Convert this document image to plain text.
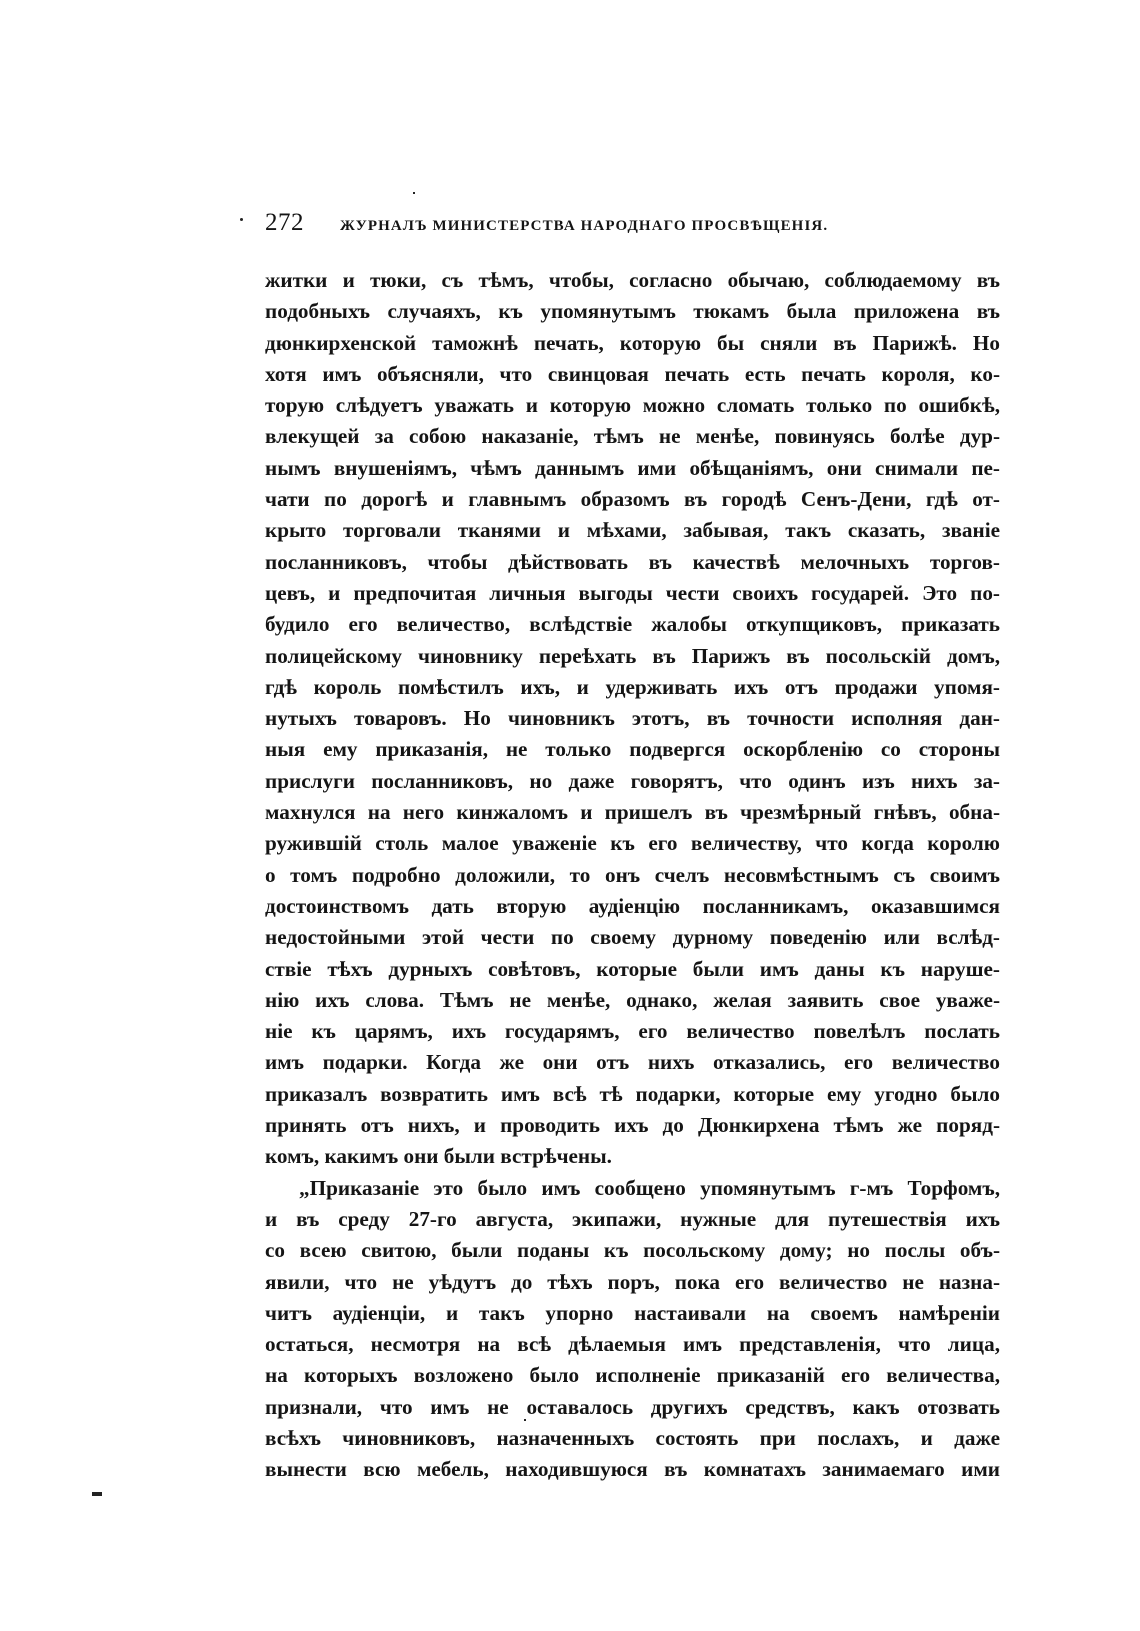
272 ЖУРНАЛЪ МИНИСТЕРСТВА НАРОДНАГО ПРОСВѢЩЕНІЯ.
житки и тюки, съ тѣмъ, чтобы, согласно обычаю, соблюдаемому въ
подобныхъ случаяхъ, къ упомянутымъ тюкамъ была приложена въ
дюнкирхенской таможнѣ печать, которую бы сняли въ Парижѣ. Но
хотя имъ объясняли, что свинцовая печать есть печать короля, ко-
торую слѣдуетъ уважать и которую можно сломать только по ошибкѣ,
влекущей за собою наказаніе, тѣмъ не менѣе, повинуясь болѣе дур-
нымъ внушеніямъ, чѣмъ даннымъ ими обѣщаніямъ, они снимали пе-
чати по дорогѣ и главнымъ образомъ въ городѣ Сенъ-Дени, гдѣ от-
крыто торговали тканями и мѣхами, забывая, такъ сказать, званіе
посланниковъ, чтобы дѣйствовать въ качествѣ мелочныхъ торгов-
цевъ, и предпочитая личныя выгоды чести своихъ государей. Это по-
будило его величество, вслѣдствіе жалобы откупщиковъ, приказать
полицейскому чиновнику переѣхать въ Парижъ въ посольскій домъ,
гдѣ король помѣстилъ ихъ, и удерживать ихъ отъ продажи упомя-
нутыхъ товаровъ. Но чиновникъ этотъ, въ точности исполняя дан-
ныя ему приказанія, не только подвергся оскорбленію со стороны
прислуги посланниковъ, но даже говорятъ, что одинъ изъ нихъ за-
махнулся на него кинжаломъ и пришелъ въ чрезмѣрный гнѣвъ, обна-
ружившій столь малое уваженіе къ его величеству, что когда королю
о томъ подробно доложили, то онъ счелъ несовмѣстнымъ съ своимъ
достоинствомъ дать вторую аудіенцію посланникамъ, оказавшимся
недостойными этой чести по своему дурному поведенію или вслѣд-
ствіе тѣхъ дурныхъ совѣтовъ, которые были имъ даны къ наруше-
нію ихъ слова. Тѣмъ не менѣе, однако, желая заявить свое уваже-
ніе къ царямъ, ихъ государямъ, его величество повелѣлъ послать
имъ подарки. Когда же они отъ нихъ отказались, его величество
приказалъ возвратить имъ всѣ тѣ подарки, которые ему угодно было
принять отъ нихъ, и проводить ихъ до Дюнкирхена тѣмъ же поряд-
комъ, какимъ они были встрѣчены.
„Приказаніе это было имъ сообщено упомянутымъ г-мъ Торфомъ,
и въ среду 27-го августа, экипажи, нужные для путешествія ихъ
со всею свитою, были поданы къ посольскому дому; но послы объ-
явили, что не уѣдутъ до тѣхъ поръ, пока его величество не назна-
читъ аудіенціи, и такъ упорно настаивали на своемъ намѣреніи
остаться, несмотря на всѣ дѣлаемыя имъ представленія, что лица,
на которыхъ возложено было исполненіе приказаній его величества,
признали, что имъ не оставалось другихъ средствъ, какъ отозвать
всѣхъ чиновниковъ, назначенныхъ состоять при послахъ, и даже
вынести всю мебель, находившуюся въ комнатахъ занимаемаго ими
